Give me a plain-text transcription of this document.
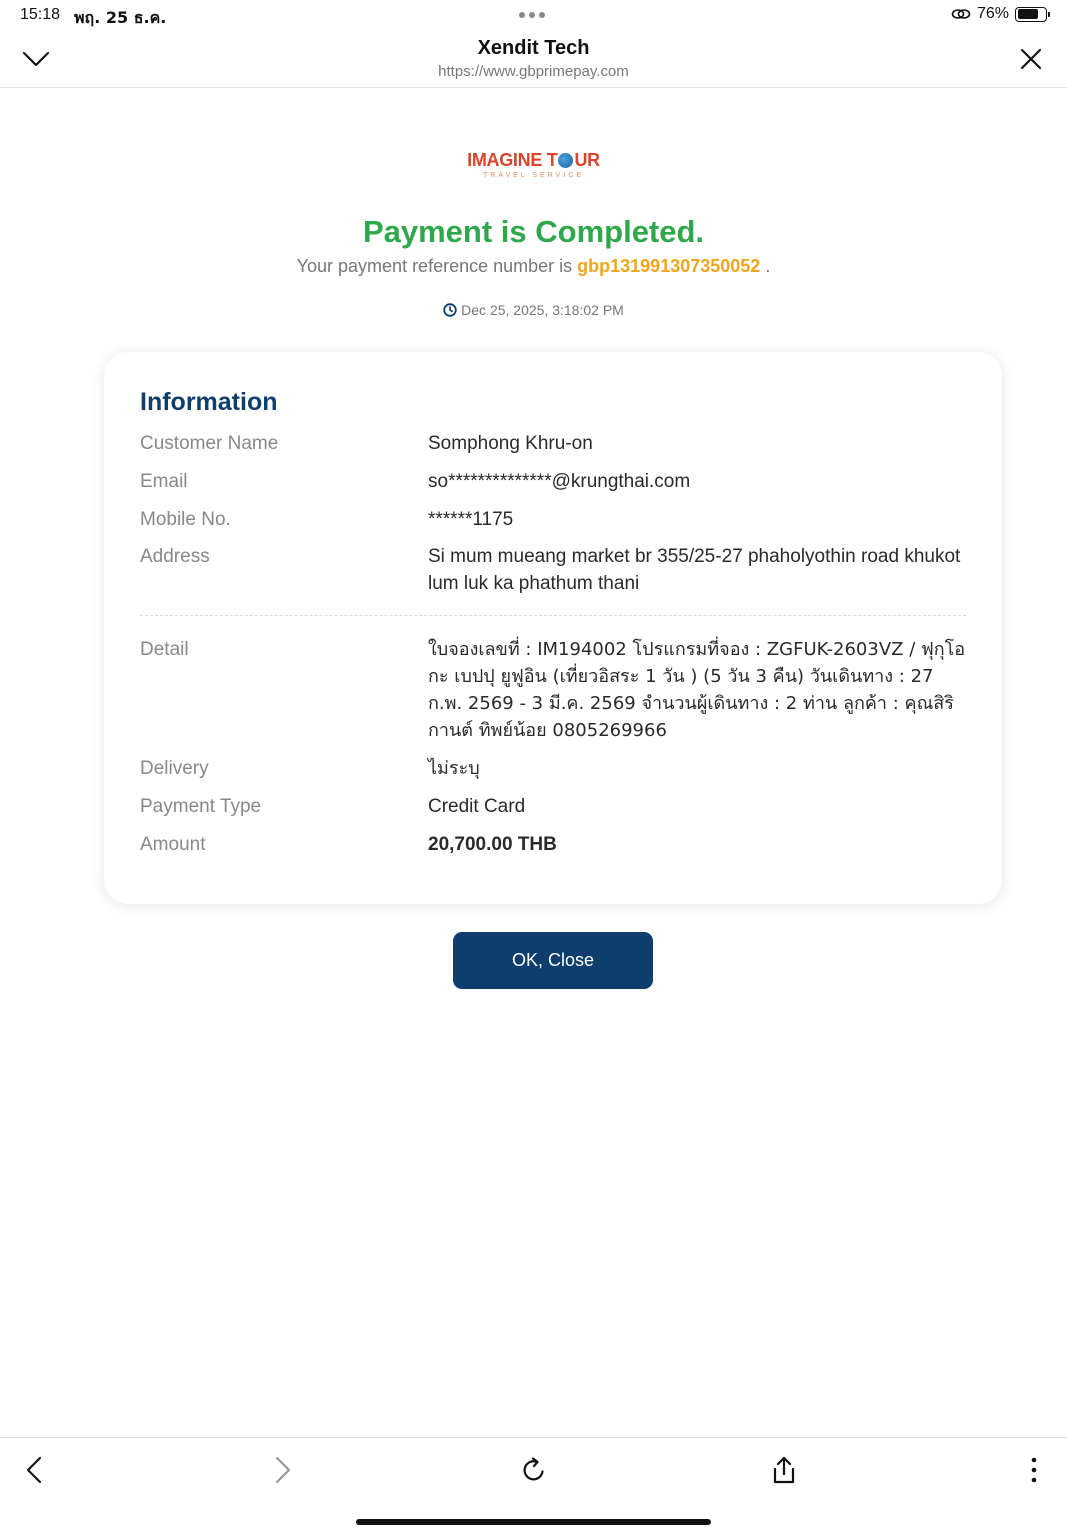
15:18 พฤ. 25 ธ.ค.	76%
Xendit Tech
https://www.gbprimepay.com
IMAGINE T UR
TRAVEL SERVICE
Payment is Completed.
Your payment reference number is gbp131991307350052 .
Dec 25, 2025, 3:18:02 PM
Information
Customer Name	Somphong Khru-on
Email	so**************@krungthai.com
Mobile No.	******1175
Address	Si mum mueang market br 355/25-27 phaholyothin road khukot lum luk ka phathum thani
Detail	ใบจองเลขที่ : IM194002 โปรแกรมที่จอง : ZGFUK-2603VZ / ฟุกุโอกะ เบปปุ ยูฟูอิน (เที่ยวอิสระ 1 วัน ) (5 วัน 3 คืน) วันเดินทาง : 27 ก.พ. 2569 - 3 มี.ค. 2569 จำนวนผู้เดินทาง : 2 ท่าน ลูกค้า : คุณสิริกานต์ ทิพย์น้อย 0805269966
Delivery	ไม่ระบุ
Payment Type	Credit Card
Amount	20,700.00 THB
OK, Close
